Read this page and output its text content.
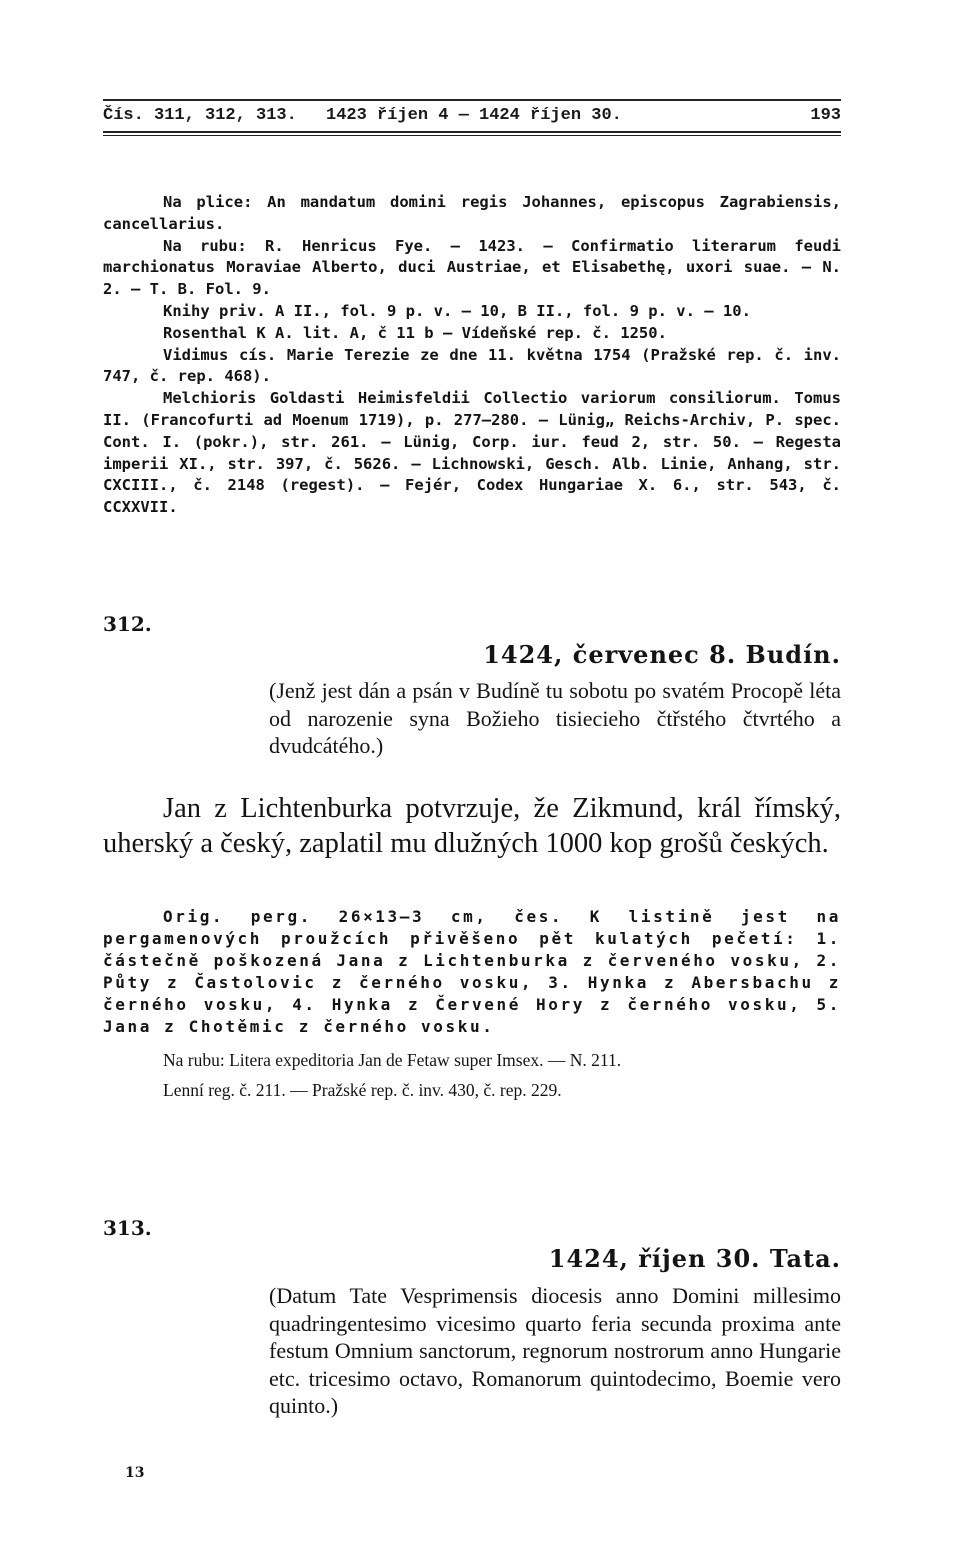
Čís. 311, 312, 313. 1423 říjen 4 — 1424 říjen 30.	193

Na plice: An mandatum domini regis Johannes, episcopus Zagrabiensis, cancellarius.

Na rubu: R. Henricus Fye. — 1423. — Confirmatio literarum feudi marchionatus Moraviae Alberto, duci Austriae, et Elisabethę, uxori suae. — N. 2. — T. B. Fol. 9.

Knihy priv. A II., fol. 9 p. v. — 10, B II., fol. 9 p. v. — 10.

Rosenthal K A. lit. A, č 11 b — Vídeňské rep. č. 1250.

Vidimus cís. Marie Terezie ze dne 11. května 1754 (Pražské rep. č. inv. 747, č. rep. 468).

Melchioris Goldasti Heimisfeldii Collectio variorum consiliorum. Tomus II. (Francofurti ad Moenum 1719), p. 277—280. — Lünig„ Reichs-Archiv, P. spec. Cont. I. (pokr.), str. 261. — Lünig, Corp. iur. feud 2, str. 50. — Regesta imperii XI., str. 397, č. 5626. — Lichnowski, Gesch. Alb. Linie, Anhang, str. CXCIII., č. 2148 (regest). — Fejér, Codex Hungariae X. 6., str. 543, č. CCXXVII.

312.
1424, červenec 8. Budín.
(Jenž jest dán a psán v Budíně tu sobotu po svatém Procopě léta od narozenie syna Božieho tisiecieho čtřstého čtvrtého a dvudcátého.)
Jan z Lichtenburka potvrzuje, že Zikmund, král římský, uherský a český, zaplatil mu dlužných 1000 kop grošů českých.

Orig. perg. 26×13—3 cm, čes. K listině jest na pergamenových proužcích přivěšeno pět kulatých pečetí: 1. částečně poškozená Jana z Lichtenburka z červeného vosku, 2. Půty z Častolovic z černého vosku, 3. Hynka z Abersbachu z černého vosku, 4. Hynka z Červené Hory z černého vosku, 5. Jana z Chotěmic z černého vosku.

Na rubu: Litera expeditoria Jan de Fetaw super Imsex. — N. 211.

Lenní reg. č. 211. — Pražské rep. č. inv. 430, č. rep. 229.

313.
1424, říjen 30. Tata.
(Datum Tate Vesprimensis diocesis anno Domini millesimo quadringentesimo vicesimo quarto feria secunda proxima ante festum Omnium sanctorum, regnorum nostrorum anno Hungarie etc. tricesimo octavo, Romanorum quintodecimo, Boemie vero quinto.)
13
